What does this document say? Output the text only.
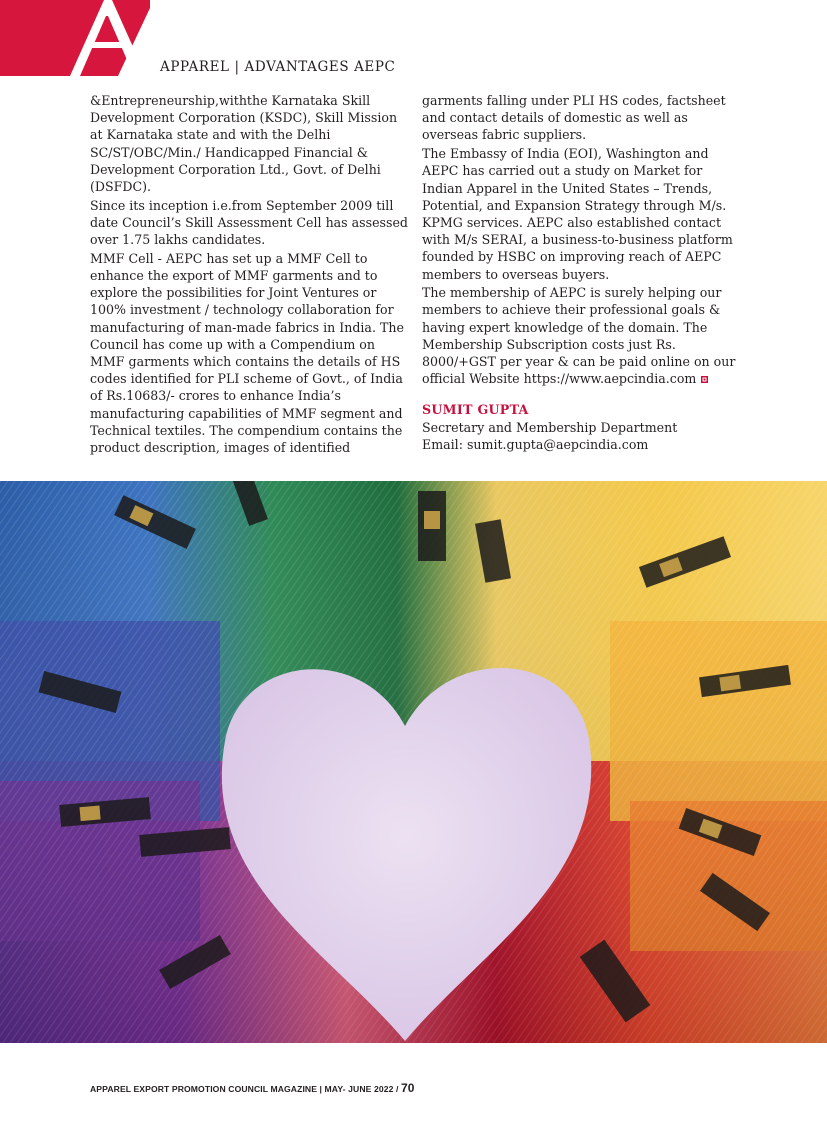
APPAREL | ADVANTAGES AEPC

&Entrepreneurship,withthe Karnataka Skill Development Corporation (KSDC), Skill Mission at Karnataka state and with the Delhi SC/ST/OBC/Min./ Handicapped Financial & Development Corporation Ltd., Govt. of Delhi (DSFDC).

Since its inception i.e.from September 2009 till date Council’s Skill Assessment Cell has assessed over 1.75 lakhs candidates.

MMF Cell - AEPC has set up a MMF Cell to enhance the export of MMF garments and to explore the possibilities for Joint Ventures or 100% investment / technology collaboration for manufacturing of man-made fabrics in India. The Council has come up with a Compendium on MMF garments which contains the details of HS codes identified for PLI scheme of Govt., of India of Rs.10683/- crores to enhance India’s manufacturing capabilities of MMF segment and Technical textiles. The compendium contains the product description, images of identified

garments falling under PLI HS codes, factsheet and contact details of domestic as well as overseas fabric suppliers.

The Embassy of India (EOI), Washington and AEPC has carried out a study on Market for Indian Apparel in the United States – Trends, Potential, and Expansion Strategy through M/s. KPMG services. AEPC also established contact with M/s SERAI, a business-to-business platform founded by HSBC on improving reach of AEPC members to overseas buyers.

The membership of AEPC is surely helping our members to achieve their professional goals & having expert knowledge of the domain. The Membership Subscription costs just Rs. 8000/+GST per year & can be paid online on our official Website https://www.aepcindia.com

SUMIT GUPTA
Secretary and Membership Department
Email: sumit.gupta@aepcindia.com
APPAREL EXPORT PROMOTION COUNCIL MAGAZINE | MAY- JUNE 2022 / 70
